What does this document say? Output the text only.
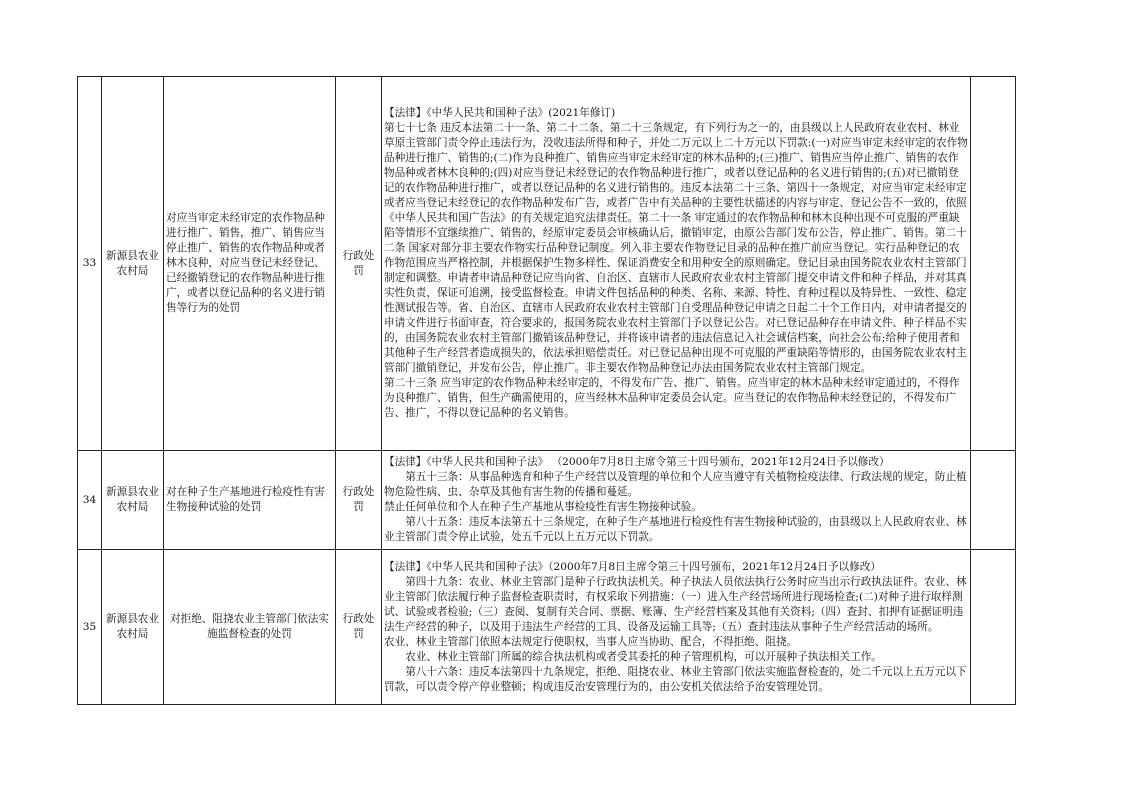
33	新源县农业农村局	对应当审定未经审定的农作物品种进行推广、销售，推广、销售应当停止推广、销售的农作物品种或者林木良种，对应当登记未经登记、已经撤销登记的农作物品种进行推广，或者以登记品种的名义进行销售等行为的处罚	行政处罚	【法律】《中华人民共和国种子法》(2021年修订)
第七十七条 违反本法第二十一条、第二十二条、第二十三条规定，有下列行为之一的，由县级以上人民政府农业农村、林业草原主管部门责令停止违法行为，没收违法所得和种子，并处二万元以上二十万元以下罚款:(一)对应当审定未经审定的农作物品种进行推广、销售的;(二)作为良种推广、销售应当审定未经审定的林木品种的;(三)推广、销售应当停止推广、销售的农作物品种或者林木良种的;(四)对应当登记未经登记的农作物品种进行推广，或者以登记品种的名义进行销售的;(五)对已撤销登记的农作物品种进行推广，或者以登记品种的名义进行销售的。违反本法第二十三条、第四十一条规定，对应当审定未经审定或者应当登记未经登记的农作物品种发布广告，或者广告中有关品种的主要性状描述的内容与审定、登记公告不一致的，依照《中华人民共和国广告法》的有关规定追究法律责任。第二十一条 审定通过的农作物品种和林木良种出现不可克服的严重缺陷等情形不宜继续推广、销售的，经原审定委员会审核确认后，撤销审定，由原公告部门发布公告，停止推广、销售。第二十二条 国家对部分非主要农作物实行品种登记制度。列入非主要农作物登记目录的品种在推广前应当登记。实行品种登记的农作物范围应当严格控制，并根据保护生物多样性、保证消费安全和用种安全的原则确定。登记目录由国务院农业农村主管部门制定和调整。申请者申请品种登记应当向省、自治区、直辖市人民政府农业农村主管部门提交申请文件和种子样品，并对其真实性负责，保证可追溯，接受监督检查。申请文件包括品种的种类、名称、来源、特性、育种过程以及特异性、一致性、稳定性测试报告等。省、自治区、直辖市人民政府农业农村主管部门自受理品种登记申请之日起二十个工作日内，对申请者提交的申请文件进行书面审查，符合要求的，报国务院农业农村主管部门予以登记公告。对已登记品种存在申请文件、种子样品不实的，由国务院农业农村主管部门撤销该品种登记，并将该申请者的违法信息记入社会诚信档案，向社会公布;给种子使用者和其他种子生产经营者造成损失的，依法承担赔偿责任。对已登记品种出现不可克服的严重缺陷等情形的，由国务院农业农村主管部门撤销登记，并发布公告，停止推广。非主要农作物品种登记办法由国务院农业农村主管部门规定。
第二十三条 应当审定的农作物品种未经审定的，不得发布广告、推广、销售。应当审定的林木品种未经审定通过的，不得作为良种推广、销售，但生产确需使用的，应当经林木品种审定委员会认定。应当登记的农作物品种未经登记的，不得发布广告、推广，不得以登记品种的名义销售。	

34	新源县农业农村局	对在种子生产基地进行检疫性有害生物接种试验的处罚	行政处罚	【法律】《中华人民共和国种子法》 （2000年7月8日主席令第三十四号颁布，2021年12月24日予以修改）
第五十三条：从事品种选育和种子生产经营以及管理的单位和个人应当遵守有关植物检疫法律、行政法规的规定，防止植物危险性病、虫、杂草及其他有害生物的传播和蔓延。
禁止任何单位和个人在种子生产基地从事检疫性有害生物接种试验。
第八十五条：违反本法第五十三条规定，在种子生产基地进行检疫性有害生物接种试验的，由县级以上人民政府农业、林业主管部门责令停止试验，处五千元以上五万元以下罚款。	

35	新源县农业农村局	对拒绝、阻挠农业主管部门依法实施监督检查的处罚	行政处罚	【法律】《中华人民共和国种子法》（2000年7月8日主席令第三十四号颁布，2021年12月24日予以修改）
第四十九条：农业、林业主管部门是种子行政执法机关。种子执法人员依法执行公务时应当出示行政执法证件。农业、林业主管部门依法履行种子监督检查职责时，有权采取下列措施：（一）进入生产经营场所进行现场检查;(二)对种子进行取样测试、试验或者检验;（三）查阅、复制有关合同、票据、账簿、生产经营档案及其他有关资料;（四）查封、扣押有证据证明违法生产经营的种子，以及用于违法生产经营的工具、设备及运输工具等;（五）查封违法从事种子生产经营活动的场所。
农业、林业主管部门依照本法规定行使职权，当事人应当协助、配合，不得拒绝、阻挠。
农业、林业主管部门所属的综合执法机构或者受其委托的种子管理机构，可以开展种子执法相关工作。
第八十六条：违反本法第四十九条规定，拒绝、阻挠农业、林业主管部门依法实施监督检查的，处二千元以上五万元以下罚款，可以责令停产停业整顿；构成违反治安管理行为的，由公安机关依法给予治安管理处罚。	
